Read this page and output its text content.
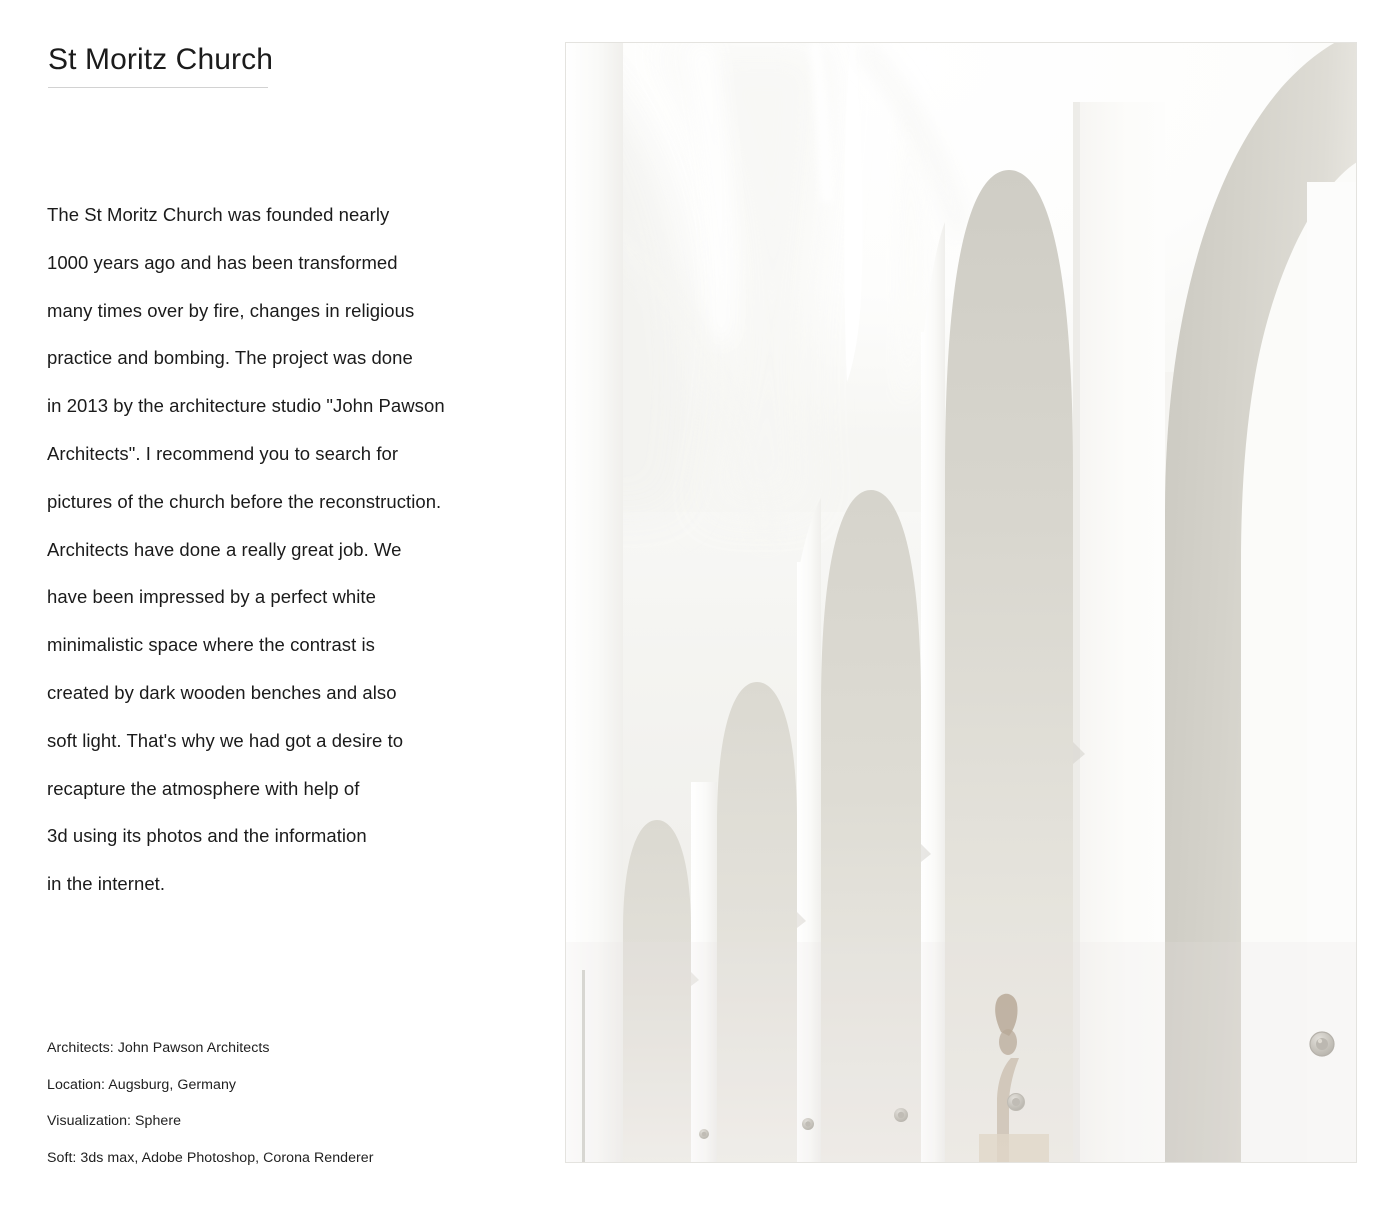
St Moritz Church
The St Moritz Church was founded nearly
1000 years ago and has been transformed
many times over by fire, changes in religious
practice and bombing. The project was done
in 2013 by the architecture studio "John Pawson
Architects". I recommend you to search for
pictures of the church before the reconstruction.
Architects have done a really great job. We
have been impressed by a perfect white
minimalistic space where the contrast is
created by dark wooden benches and also
soft light. That's why we had got a desire to
recapture the atmosphere with help of
3d using its photos and the information
in the internet.
Architects: John Pawson Architects
Location: Augsburg, Germany
Visualization: Sphere
Soft: 3ds max, Adobe Photoshop, Corona Renderer
